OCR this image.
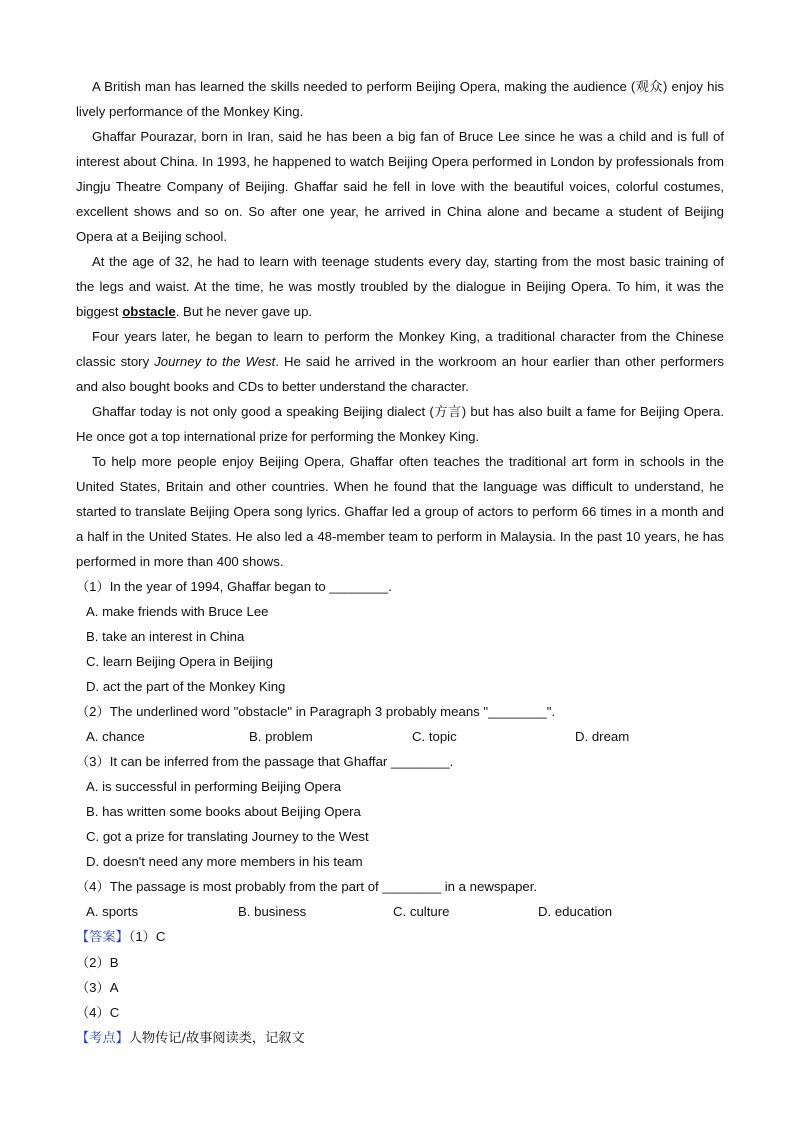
A British man has learned the skills needed to perform Beijing Opera, making the audience (观众) enjoy his lively performance of the Monkey King.

Ghaffar Pourazar, born in Iran, said he has been a big fan of Bruce Lee since he was a child and is full of interest about China. In 1993, he happened to watch Beijing Opera performed in London by professionals from Jingju Theatre Company of Beijing. Ghaffar said he fell in love with the beautiful voices, colorful costumes, excellent shows and so on. So after one year, he arrived in China alone and became a student of Beijing Opera at a Beijing school.

At the age of 32, he had to learn with teenage students every day, starting from the most basic training of the legs and waist. At the time, he was mostly troubled by the dialogue in Beijing Opera. To him, it was the biggest obstacle. But he never gave up.

Four years later, he began to learn to perform the Monkey King, a traditional character from the Chinese classic story Journey to the West. He said he arrived in the workroom an hour earlier than other performers and also bought books and CDs to better understand the character.

Ghaffar today is not only good a speaking Beijing dialect (方言) but has also built a fame for Beijing Opera. He once got a top international prize for performing the Monkey King.

To help more people enjoy Beijing Opera, Ghaffar often teaches the traditional art form in schools in the United States, Britain and other countries. When he found that the language was difficult to understand, he started to translate Beijing Opera song lyrics. Ghaffar led a group of actors to perform 66 times in a month and a half in the United States. He also led a 48-member team to perform in Malaysia. In the past 10 years, he has performed in more than 400 shows.

（1）In the year of 1994, Ghaffar began to ________.

A. make friends with Bruce Lee

B. take an interest in China

C. learn Beijing Opera in Beijing

D. act the part of the Monkey King

（2）The underlined word "obstacle" in Paragraph 3 probably means "________".

A. chance	B. problem	C. topic	D. dream

（3）It can be inferred from the passage that Ghaffar ________.

A. is successful in performing Beijing Opera

B. has written some books about Beijing Opera

C. got a prize for translating Journey to the West

D. doesn't need any more members in his team

（4）The passage is most probably from the part of ________ in a newspaper.

A. sports	B. business	C. culture	D. education

【答案】（1）C

（2）B

（3）A

（4）C

【考点】人物传记/故事阅读类，记叙文
